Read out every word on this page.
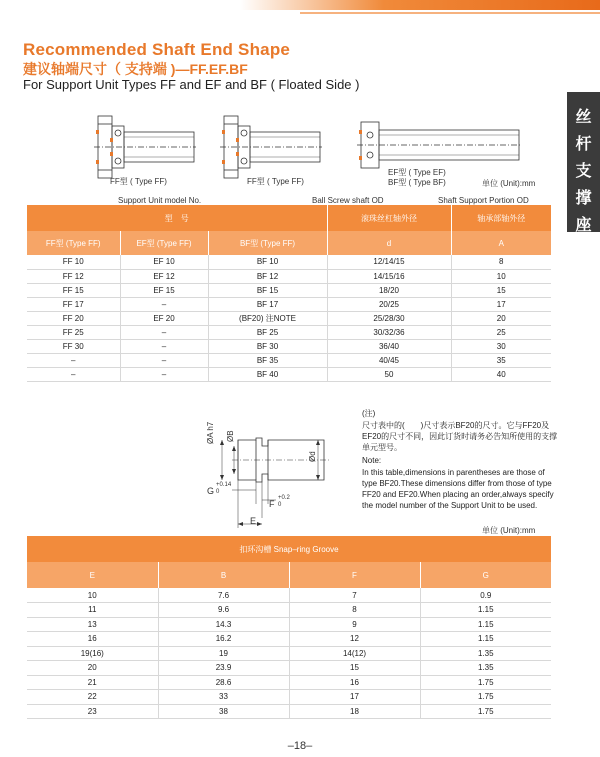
Recommended Shaft End Shape
建议轴端尺寸（ 支持端 )—FF.EF.BF
For Support Unit Types FF and EF and BF ( Floated Side )
丝
杆
支
撑
座
FF型 ( Type FF)	FF型 ( Type FF)
EF型 ( Type EF)
BF型 ( Type BF)	单位 (Unit):mm
Support Unit model No.	Ball Screw shaft OD	Shaft Support Portion OD
型　号			滚珠丝杠轴外径	轴承部轴外径
FF型 (Type FF)	EF型 (Type FF)	BF型 (Type FF)	d	A
FF 10	EF 10	BF 10	12/14/15	8
FF 12	EF 12	BF 12	14/15/16	10
FF 15	EF 15	BF 15	18/20	15
FF 17	–	BF 17	20/25	17
FF 20	EF 20	(BF20) 注NOTE	25/28/30	20
FF 25	–	BF 25	30/32/36	25
FF 30	–	BF 30	36/40	30
–	–	BF 35	40/45	35
–	–	BF 40	50	40
ØA h7 ØB
Ød
G
+0.14
0
F
+0.2
0
E
(注)
尺寸表中的(　　)尺寸表示BF20的尺寸。它与FF20及EF20的尺寸不同，因此订货时请务必告知所使用的支撑单元型号。
Note:
In this table,dimensions in parentheses are those of type BF20.These dimensions differ from those of type FF20 and EF20.When placing an order,always specify the model number of the Support Unit to be used.
单位 (Unit):mm
扣环沟槽 Snap–ring Groove			
E	B	F	G
10	7.6	7	0.9
11	9.6	8	1.15
13	14.3	9	1.15
16	16.2	12	1.15
19(16)	19	14(12)	1.35
20	23.9	15	1.35
21	28.6	16	1.75
22	33	17	1.75
23	38	18	1.75
–18–
